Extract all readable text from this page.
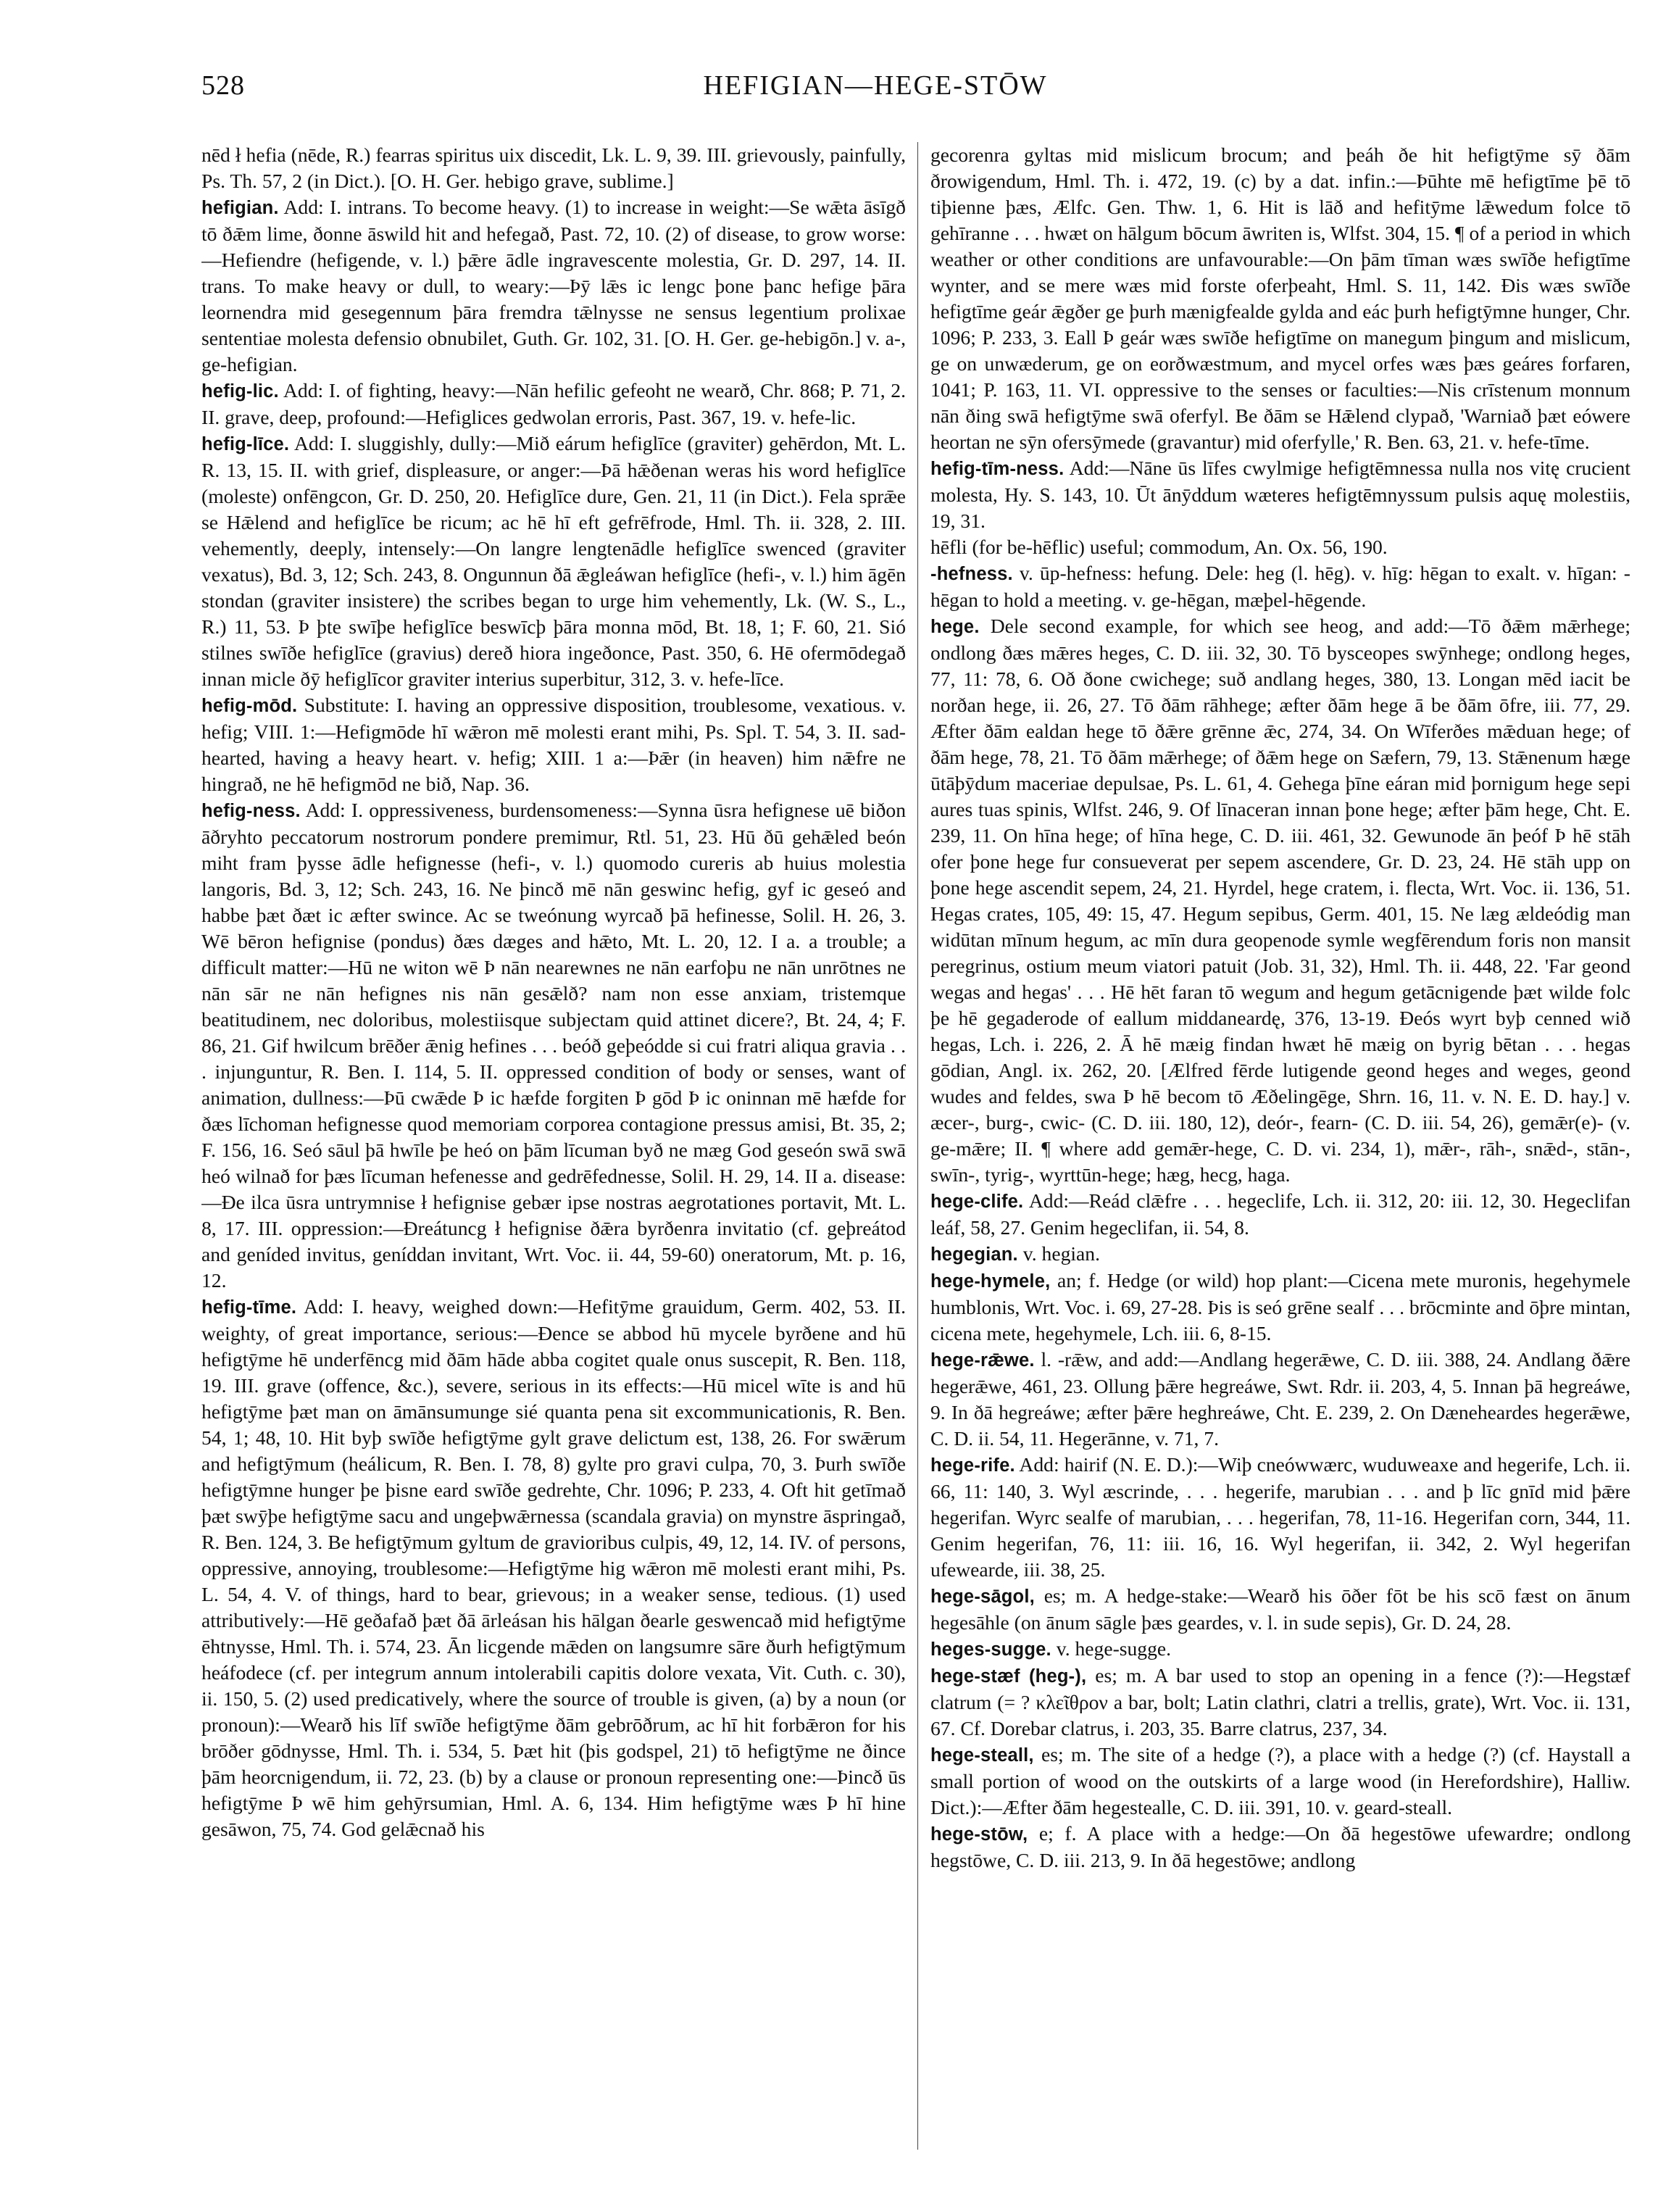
528	HEFIGIAN—HEGE-STŌW

nēd ł hefia (nēde, R.) fearras spiritus uix discedit, Lk. L. 9, 39. III. grievously, painfully, Ps. Th. 57, 2 (in Dict.). [O. H. Ger. hebigo grave, sublime.]

hefigian. Add: I. intrans. To become heavy. (1) to increase in weight:—Se wǣta āsīgð tō ðǣm lime, ðonne āswild hit and hefegað, Past. 72, 10. (2) of disease, to grow worse:—Hefiendre (hefigende, v. l.) þǣre ādle ingravescente molestia, Gr. D. 297, 14. II. trans. To make heavy or dull, to weary:—Þȳ lǣs ic lengc þone þanc hefige þāra leornendra mid gesegennum þāra fremdra tǣlnysse ne sensus legentium prolixae sententiae molesta defensio obnubilet, Guth. Gr. 102, 31. [O. H. Ger. ge-hebigōn.] v. a-, ge-hefigian.

hefig-lic. Add: I. of fighting, heavy:—Nān hefilic gefeoht ne wearð, Chr. 868; P. 71, 2. II. grave, deep, profound:—Hefiglices gedwolan erroris, Past. 367, 19. v. hefe-lic.

hefig-līce. Add: I. sluggishly, dully:—Mið eárum hefiglīce (graviter) gehērdon, Mt. L. R. 13, 15. II. with grief, displeasure, or anger:—Þā hǣðenan weras his word hefiglīce (moleste) onfēngcon, Gr. D. 250, 20. Hefiglīce dure, Gen. 21, 11 (in Dict.). Fela sprǣe se Hǣlend and hefiglīce be ricum; ac hē hī eft gefrēfrode, Hml. Th. ii. 328, 2. III. vehemently, deeply, intensely:—On langre lengtenādle hefiglīce swenced (graviter vexatus), Bd. 3, 12; Sch. 243, 8. Ongunnun ðā ǣgleáwan hefiglīce (hefi-, v. l.) him āgēn stondan (graviter insistere) the scribes began to urge him vehemently, Lk. (W. S., L., R.) 11, 53. Þ þte swīþe hefiglīce beswīcþ þāra monna mōd, Bt. 18, 1; F. 60, 21. Sió stilnes swīðe hefiglīce (gravius) dereð hiora ingeðonce, Past. 350, 6. Hē ofermōdegað innan micle ðȳ hefiglīcor graviter interius superbitur, 312, 3. v. hefe-līce.

hefig-mōd. Substitute: I. having an oppressive disposition, troublesome, vexatious. v. hefig; VIII. 1:—Hefigmōde hī wǣron mē molesti erant mihi, Ps. Spl. T. 54, 3. II. sad-hearted, having a heavy heart. v. hefig; XIII. 1 a:—Þǣr (in heaven) him nǣfre ne hingrað, ne hē hefigmōd ne bið, Nap. 36.

hefig-ness. Add: I. oppressiveness, burdensomeness:—Synna ūsra hefignese uē biðon āðryhto peccatorum nostrorum pondere premimur, Rtl. 51, 23. Hū ðū gehǣled beón miht fram þysse ādle hefignesse (hefi-, v. l.) quomodo cureris ab huius molestia langoris, Bd. 3, 12; Sch. 243, 16. Ne þincð mē nān geswinc hefig, gyf ic geseó and habbe þæt ðæt ic æfter swince. Ac se tweónung wyrcað þā hefinesse, Solil. H. 26, 3. Wē bēron hefignise (pondus) ðæs dæges and hǣto, Mt. L. 20, 12. I a. a trouble; a difficult matter:—Hū ne witon wē Þ nān nearewnes ne nān earfoþu ne nān unrōtnes ne nān sār ne nān hefignes nis nān gesǣlð? nam non esse anxiam, tristemque beatitudinem, nec doloribus, molestiisque subjectam quid attinet dicere?, Bt. 24, 4; F. 86, 21. Gif hwilcum brēðer ǣnig hefines . . . beóð geþeódde si cui fratri aliqua gravia . . . injunguntur, R. Ben. I. 114, 5. II. oppressed condition of body or senses, want of animation, dullness:—Þū cwǣde Þ ic hæfde forgiten Þ gōd Þ ic oninnan mē hæfde for ðæs līchoman hefignesse quod memoriam corporea contagione pressus amisi, Bt. 35, 2; F. 156, 16. Seó sāul þā hwīle þe heó on þām līcuman byð ne mæg God geseón swā swā heó wilnað for þæs līcuman hefenesse and gedrēfednesse, Solil. H. 29, 14. II a. disease:—Ðe ilca ūsra untrymnise ł hefignise gebær ipse nostras aegrotationes portavit, Mt. L. 8, 17. III. oppression:—Ðreátuncg ł hefignise ðǣra byrðenra invitatio (cf. geþreátod and geníded invitus, geníddan invitant, Wrt. Voc. ii. 44, 59-60) oneratorum, Mt. p. 16, 12.

hefig-tīme. Add: I. heavy, weighed down:—Hefitȳme grauidum, Germ. 402, 53. II. weighty, of great importance, serious:—Ðence se abbod hū mycele byrðene and hū hefigtȳme hē underfēncg mid ðām hāde abba cogitet quale onus suscepit, R. Ben. 118, 19. III. grave (offence, &c.), severe, serious in its effects:—Hū micel wīte is and hū hefigtȳme þæt man on āmānsumunge sié quanta pena sit excommunicationis, R. Ben. 54, 1; 48, 10. Hit byþ swīðe hefigtȳme gylt grave delictum est, 138, 26. For swǣrum and hefigtȳmum (heálicum, R. Ben. I. 78, 8) gylte pro gravi culpa, 70, 3. Þurh swīðe hefigtȳmne hunger þe þisne eard swīðe gedrehte, Chr. 1096; P. 233, 4. Oft hit getīmað þæt swȳþe hefigtȳme sacu and ungeþwǣrnessa (scandala gravia) on mynstre āspringað, R. Ben. 124, 3. Be hefigtȳmum gyltum de gravioribus culpis, 49, 12, 14. IV. of persons, oppressive, annoying, troublesome:—Hefigtȳme hig wǣron mē molesti erant mihi, Ps. L. 54, 4. V. of things, hard to bear, grievous; in a weaker sense, tedious. (1) used attributively:—Hē geðafað þæt ðā ārleásan his hālgan ðearle geswencað mid hefigtȳme ēhtnysse, Hml. Th. i. 574, 23. Ān licgende mǣden on langsumre sāre ðurh hefigtȳmum heáfodece (cf. per integrum annum intolerabili capitis dolore vexata, Vit. Cuth. c. 30), ii. 150, 5. (2) used predicatively, where the source of trouble is given, (a) by a noun (or pronoun):—Wearð his līf swīðe hefigtȳme ðām gebrōðrum, ac hī hit forbǣron for his brōðer gōdnysse, Hml. Th. i. 534, 5. Þæt hit (þis godspel, 21) tō hefigtȳme ne ðince þām heorcnigendum, ii. 72, 23. (b) by a clause or pronoun representing one:—Þincð ūs hefigtȳme Þ wē him gehȳrsumian, Hml. A. 6, 134. Him hefigtȳme wæs Þ hī hine gesāwon, 75, 74. God gelǣcnað his

gecorenra gyltas mid mislicum brocum; and þeáh ðe hit hefigtȳme sȳ ðām ðrowigendum, Hml. Th. i. 472, 19. (c) by a dat. infin.:—Þūhte mē hefigtīme þē tō tiþienne þæs, Ælfc. Gen. Thw. 1, 6. Hit is lāð and hefitȳme lǣwedum folce tō gehīranne . . . hwæt on hālgum bōcum āwriten is, Wlfst. 304, 15. ¶ of a period in which weather or other conditions are unfavourable:—On þām tīman wæs swīðe hefigtīme wynter, and se mere wæs mid forste oferþeaht, Hml. S. 11, 142. Ðis wæs swīðe hefigtīme geár ǣgðer ge þurh mænigfealde gylda and eác þurh hefigtȳmne hunger, Chr. 1096; P. 233, 3. Eall Þ geár wæs swīðe hefigtīme on manegum þingum and mislicum, ge on unwæderum, ge on eorðwæstmum, and mycel orfes wæs þæs geáres forfaren, 1041; P. 163, 11. VI. oppressive to the senses or faculties:—Nis crīstenum monnum nān ðing swā hefigtȳme swā oferfyl. Be ðām se Hǣlend clypað, 'Warniað þæt eówere heortan ne sȳn ofersȳmede (gravantur) mid oferfylle,' R. Ben. 63, 21. v. hefe-tīme.

hefig-tīm-ness. Add:—Nāne ūs līfes cwylmige hefigtēmnessa nulla nos vitę crucient molesta, Hy. S. 143, 10. Ūt ānȳddum wæteres hefigtēmnyssum pulsis aquę molestiis, 19, 31.

hēfli (for be-hēflic) useful; commodum, An. Ox. 56, 190.

-hefness. v. ūp-hefness: hefung. Dele: heg (l. hēg). v. hīg: hēgan to exalt. v. hīgan: -hēgan to hold a meeting. v. ge-hēgan, mæþel-hēgende.

hege. Dele second example, for which see heog, and add:—Tō ðǣm mǣrhege; ondlong ðæs mǣres heges, C. D. iii. 32, 30. Tō bysceopes swȳnhege; ondlong heges, 77, 11: 78, 6. Oð ðone cwichege; suð andlang heges, 380, 13. Longan mēd iacit be norðan hege, ii. 26, 27. Tō ðām rāhhege; æfter ðām hege ā be ðām ōfre, iii. 77, 29. Æfter ðām ealdan hege tō ðǣre grēnne ǣc, 274, 34. On Wīferðes mǣduan hege; of ðām hege, 78, 21. Tō ðām mǣrhege; of ðǣm hege on Sæfern, 79, 13. Stǣnenum hæge ūtāþȳdum maceriae depulsae, Ps. L. 61, 4. Gehega þīne eáran mid þornigum hege sepi aures tuas spinis, Wlfst. 246, 9. Of līnaceran innan þone hege; æfter þām hege, Cht. E. 239, 11. On hīna hege; of hīna hege, C. D. iii. 461, 32. Gewunode ān þeóf Þ hē stāh ofer þone hege fur consueverat per sepem ascendere, Gr. D. 23, 24. Hē stāh upp on þone hege ascendit sepem, 24, 21. Hyrdel, hege cratem, i. flecta, Wrt. Voc. ii. 136, 51. Hegas crates, 105, 49: 15, 47. Hegum sepibus, Germ. 401, 15. Ne læg ældeódig man widūtan mīnum hegum, ac mīn dura geopenode symle wegfērendum foris non mansit peregrinus, ostium meum viatori patuit (Job. 31, 32), Hml. Th. ii. 448, 22. 'Far geond wegas and hegas' . . . Hē hēt faran tō wegum and hegum getācnigende þæt wilde folc þe hē gegaderode of eallum middaneardę, 376, 13-19. Ðeós wyrt byþ cenned wið hegas, Lch. i. 226, 2. Ā hē mæig findan hwæt hē mæig on byrig bētan . . . hegas gōdian, Angl. ix. 262, 20. [Ælfred fērde lutigende geond heges and weges, geond wudes and feldes, swa Þ hē becom tō Æðelingēge, Shrn. 16, 11. v. N. E. D. hay.] v. æcer-, burg-, cwic- (C. D. iii. 180, 12), deór-, fearn- (C. D. iii. 54, 26), gemǣr(e)- (v. ge-mǣre; II. ¶ where add gemǣr-hege, C. D. vi. 234, 1), mǣr-, rāh-, snǣd-, stān-, swīn-, tyrig-, wyrttūn-hege; hæg, hecg, haga.

hege-clife. Add:—Reád clǣfre . . . hegeclife, Lch. ii. 312, 20: iii. 12, 30. Hegeclifan leáf, 58, 27. Genim hegeclifan, ii. 54, 8.

hegegian. v. hegian.

hege-hymele, an; f. Hedge (or wild) hop plant:—Cicena mete muronis, hegehymele humblonis, Wrt. Voc. i. 69, 27-28. Þis is seó grēne sealf . . . brōcminte and ōþre mintan, cicena mete, hegehymele, Lch. iii. 6, 8-15.

hege-rǣwe. l. -rǣw, and add:—Andlang hegerǣwe, C. D. iii. 388, 24. Andlang ðǣre hegerǣwe, 461, 23. Ollung þǣre hegreáwe, Swt. Rdr. ii. 203, 4, 5. Innan þā hegreáwe, 9. In ðā hegreáwe; æfter þǣre heghreáwe, Cht. E. 239, 2. On Dæneheardes hegerǣwe, C. D. ii. 54, 11. Hegerānne, v. 71, 7.

hege-rife. Add: hairif (N. E. D.):—Wiþ cneówwærc, wuduweaxe and hegerife, Lch. ii. 66, 11: 140, 3. Wyl æscrinde, . . . hegerife, marubian . . . and þ līc gnīd mid þǣre hegerifan. Wyrc sealfe of marubian, . . . hegerifan, 78, 11-16. Hegerifan corn, 344, 11. Genim hegerifan, 76, 11: iii. 16, 16. Wyl hegerifan, ii. 342, 2. Wyl hegerifan ufewearde, iii. 38, 25.

hege-sāgol, es; m. A hedge-stake:—Wearð his ōðer fōt be his scō fæst on ānum hegesāhle (on ānum sāgle þæs geardes, v. l. in sude sepis), Gr. D. 24, 28.

heges-sugge. v. hege-sugge.

hege-stæf (heg-), es; m. A bar used to stop an opening in a fence (?):—Hegstæf clatrum (= ? κλεῖθρον a bar, bolt; Latin clathri, clatri a trellis, grate), Wrt. Voc. ii. 131, 67. Cf. Dorebar clatrus, i. 203, 35. Barre clatrus, 237, 34.

hege-steall, es; m. The site of a hedge (?), a place with a hedge (?) (cf. Haystall a small portion of wood on the outskirts of a large wood (in Herefordshire), Halliw. Dict.):—Æfter ðām hegestealle, C. D. iii. 391, 10. v. geard-steall.

hege-stōw, e; f. A place with a hedge:—On ðā hegestōwe ufewardre; ondlong hegstōwe, C. D. iii. 213, 9. In ðā hegestōwe; andlong
